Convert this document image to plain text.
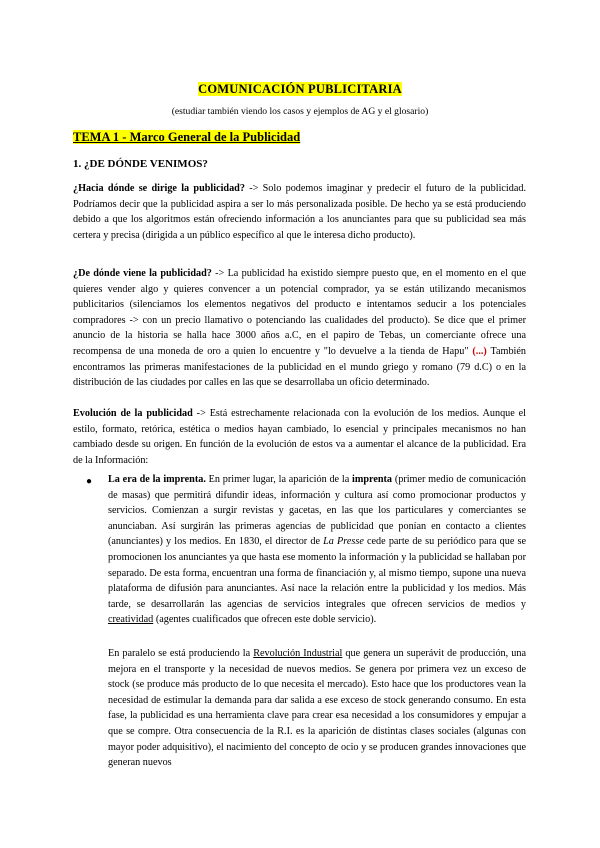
COMUNICACIÓN PUBLICITARIA
(estudiar también viendo los casos y ejemplos de AG y el glosario)
TEMA 1 - Marco General de la Publicidad
1. ¿DE DÓNDE VENIMOS?

¿Hacia dónde se dirige la publicidad? -> Solo podemos imaginar y predecir el futuro de la publicidad. Podríamos decir que la publicidad aspira a ser lo más personalizada posible. De hecho ya se está produciendo debido a que los algoritmos están ofreciendo información a los anunciantes para que su publicidad sea más certera y precisa (dirigida a un público específico al que le interesa dicho producto).

¿De dónde viene la publicidad? -> La publicidad ha existido siempre puesto que, en el momento en el que quieres vender algo y quieres convencer a un potencial comprador, ya se están utilizando mecanismos publicitarios (silenciamos los elementos negativos del producto e intentamos seducir a los potenciales compradores -> con un precio llamativo o potenciando las cualidades del producto). Se dice que el primer anuncio de la historia se halla hace 3000 años a.C, en el papiro de Tebas, un comerciante ofrece una recompensa de una moneda de oro a quien lo encuentre y "lo devuelve a la tienda de Hapu" (...) También encontramos las primeras manifestaciones de la publicidad en el mundo griego y romano (79 d.C) o en la distribución de las ciudades por calles en las que se desarrollaba un oficio determinado.

Evolución de la publicidad -> Está estrechamente relacionada con la evolución de los medios. Aunque el estilo, formato, retórica, estética o medios hayan cambiado, lo esencial y principales mecanismos no han cambiado desde su origen. En función de la evolución de estos va a aumentar el alcance de la publicidad. Era de la Información:

● La era de la imprenta. En primer lugar, la aparición de la imprenta (primer medio de comunicación de masas) que permitirá difundir ideas, información y cultura así como promocionar productos y servicios. Comienzan a surgir revistas y gacetas, en las que los particulares y comerciantes se anunciaban. Así surgirán las primeras agencias de publicidad que ponían en contacto a clientes (anunciantes) y los medios. En 1830, el director de La Presse cede parte de su periódico para que se promocionen los anunciantes ya que hasta ese momento la información y la publicidad se hallaban por separado. De esta forma, encuentran una forma de financiación y, al mismo tiempo, supone una nueva plataforma de difusión para anunciantes. Así nace la relación entre la publicidad y los medios. Más tarde, se desarrollarán las agencias de servicios integrales que ofrecen servicios de medios y creatividad (agentes cualificados que ofrecen este doble servicio).

En paralelo se está produciendo la Revolución Industrial que genera un superávit de producción, una mejora en el transporte y la necesidad de nuevos medios. Se genera por primera vez un exceso de stock (se produce más producto de lo que necesita el mercado). Esto hace que los productores vean la necesidad de estimular la demanda para dar salida a ese exceso de stock generando consumo. En esta fase, la publicidad es una herramienta clave para crear esa necesidad a los consumidores y empujar a que se compre. Otra consecuencia de la R.I. es la aparición de distintas clases sociales (algunas con mayor poder adquisitivo), el nacimiento del concepto de ocio y se producen grandes innovaciones que generan nuevos
